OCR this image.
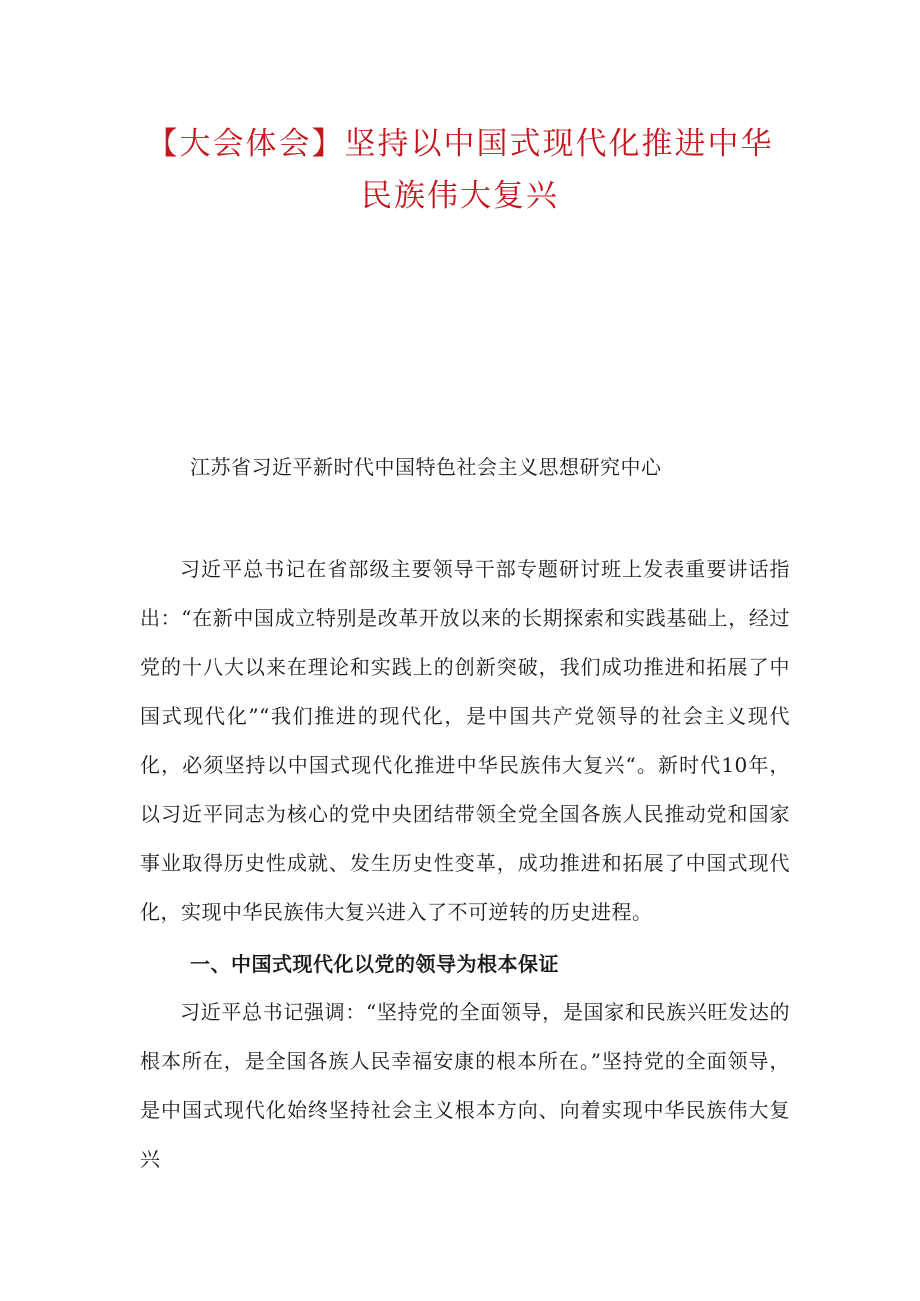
【大会体会】坚持以中国式现代化推进中华
民族伟大复兴

江苏省习近平新时代中国特色社会主义思想研究中心

习近平总书记在省部级主要领导干部专题研讨班上发表重要讲话指出：“在新中国成立特别是改革开放以来的长期探索和实践基础上，经过党的十八大以来在理论和实践上的创新突破，我们成功推进和拓展了中国式现代化”“我们推进的现代化，是中国共产党领导的社会主义现代化，必须坚持以中国式现代化推进中华民族伟大复兴“。新时代10年，以习近平同志为核心的党中央团结带领全党全国各族人民推动党和国家事业取得历史性成就、发生历史性变革，成功推进和拓展了中国式现代化，实现中华民族伟大复兴进入了不可逆转的历史进程。

一、中国式现代化以党的领导为根本保证

习近平总书记强调：“坚持党的全面领导，是国家和民族兴旺发达的根本所在，是全国各族人民幸福安康的根本所在。”坚持党的全面领导，是中国式现代化始终坚持社会主义根本方向、向着实现中华民族伟大复兴
